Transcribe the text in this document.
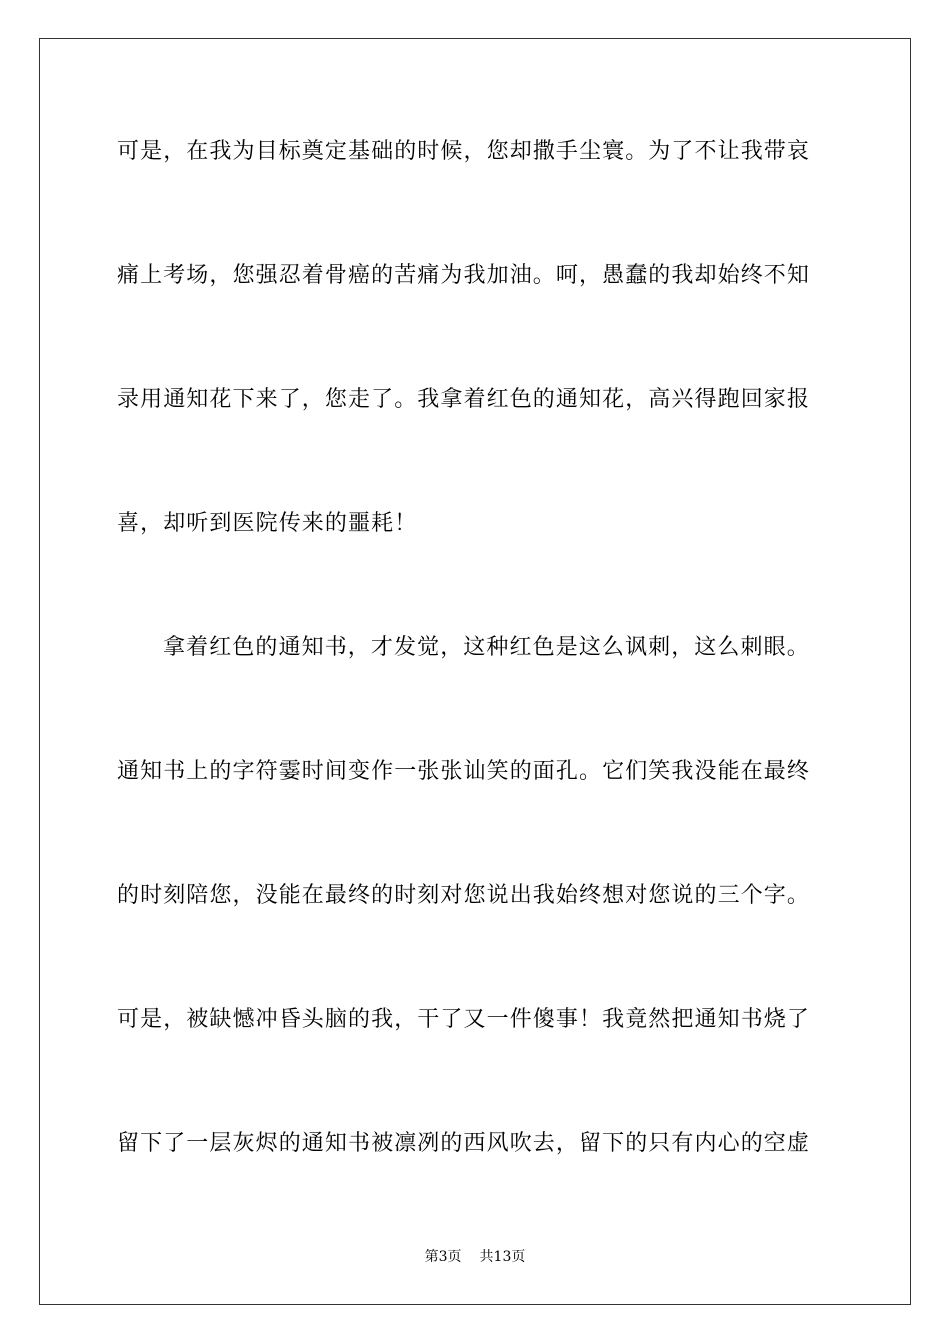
可是，在我为目标奠定基础的时候，您却撒手尘寰。为了不让我带哀
痛上考场，您强忍着骨癌的苦痛为我加油。呵，愚蠢的我却始终不知
录用通知花下来了，您走了。我拿着红色的通知花，高兴得跑回家报
喜，却听到医院传来的噩耗！
拿着红色的通知书，才发觉，这种红色是这么讽刺，这么刺眼。
通知书上的字符霎时间变作一张张讪笑的面孔。它们笑我没能在最终
的时刻陪您，没能在最终的时刻对您说出我始终想对您说的三个字。
可是，被缺憾冲昏头脑的我，干了又一件傻事！我竟然把通知书烧了
留下了一层灰烬的通知书被凛冽的西风吹去，留下的只有内心的空虚
第3页 共13页
